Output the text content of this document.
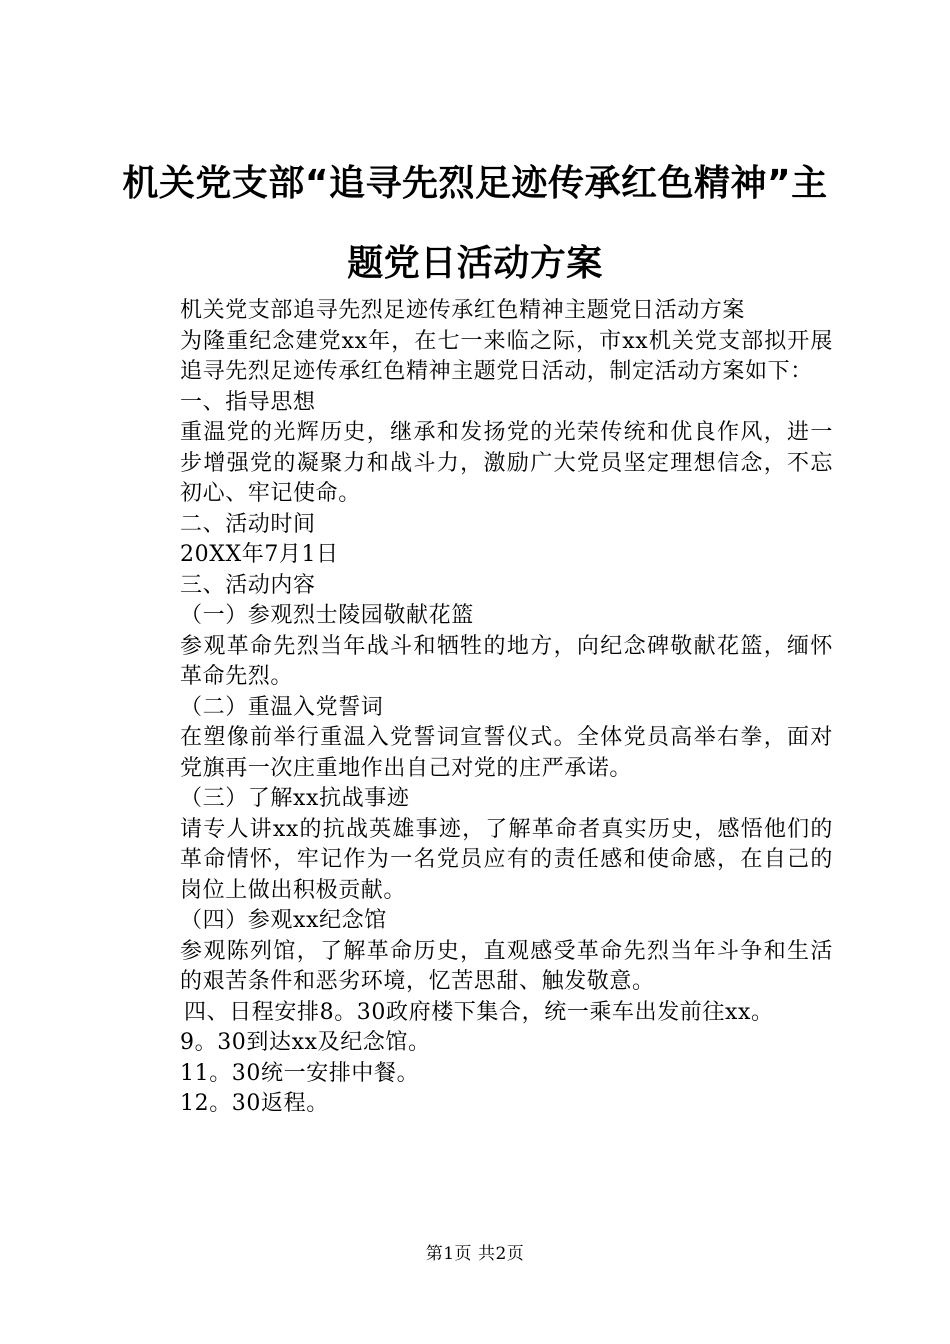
机关党支部“追寻先烈足迹传承红色精神”主
题党日活动方案

机关党支部追寻先烈足迹传承红色精神主题党日活动方案

为隆重纪念建党xx年，在七一来临之际，市xx机关党支部拟开展追寻先烈足迹传承红色精神主题党日活动，制定活动方案如下：

一、指导思想

重温党的光辉历史，继承和发扬党的光荣传统和优良作风，进一步增强党的凝聚力和战斗力，激励广大党员坚定理想信念，不忘初心、牢记使命。

二、活动时间

20XX年7月1日

三、活动内容

（一）参观烈士陵园敬献花篮

参观革命先烈当年战斗和牺牲的地方，向纪念碑敬献花篮，缅怀革命先烈。

（二）重温入党誓词

在塑像前举行重温入党誓词宣誓仪式。全体党员高举右拳，面对党旗再一次庄重地作出自己对党的庄严承诺。

（三）了解xx抗战事迹

请专人讲xx的抗战英雄事迹，了解革命者真实历史，感悟他们的革命情怀，牢记作为一名党员应有的责任感和使命感，在自己的岗位上做出积极贡献。

（四）参观xx纪念馆

参观陈列馆，了解革命历史，直观感受革命先烈当年斗争和生活的艰苦条件和恶劣环境，忆苦思甜、触发敬意。

四、日程安排8。30政府楼下集合，统一乘车出发前往xx。

9。30到达xx及纪念馆。

11。30统一安排中餐。

12。30返程。

第1页 共2页
